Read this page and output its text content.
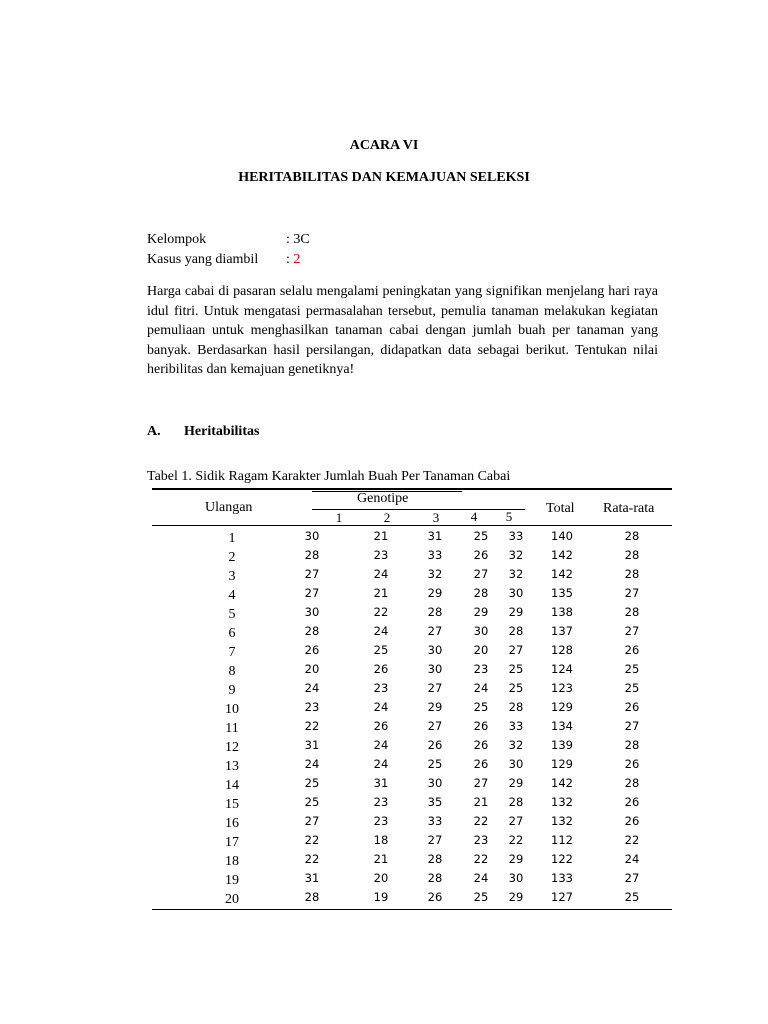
ACARA VI
HERITABILITAS DAN KEMAJUAN SELEKSI
Kelompok	: 3C
Kasus yang diambil : 2
Harga cabai di pasaran selalu mengalami peningkatan yang signifikan menjelang hari raya idul fitri. Untuk mengatasi permasalahan tersebut, pemulia tanaman melakukan kegiatan pemuliaan untuk menghasilkan tanaman cabai dengan jumlah buah per tanaman yang banyak. Berdasarkan hasil persilangan, didapatkan data sebagai berikut. Tentukan nilai heribilitas dan kemajuan genetiknya!
A. Heritabilitas
Tabel 1. Sidik Ragam Karakter Jumlah Buah Per Tanaman Cabai
Ulangan
Genotipe
1	2	3	4	5
Total Rata-rata
1	30	21	31	25	33	140	28
2	28	23	33	26	32	142	28
3	27	24	32	27	32	142	28
4	27	21	29	28	30	135	27
5	30	22	28	29	29	138	28
6	28	24	27	30	28	137	27
7	26	25	30	20	27	128	26
8	20	26	30	23	25	124	25
9	24	23	27	24	25	123	25
10	23	24	29	25	28	129	26
11	22	26	27	26	33	134	27
12	31	24	26	26	32	139	28
13	24	24	25	26	30	129	26
14	25	31	30	27	29	142	28
15	25	23	35	21	28	132	26
16	27	23	33	22	27	132	26
17	22	18	27	23	22	112	22
18	22	21	28	22	29	122	24
19	31	20	28	24	30	133	27
20	28	19	26	25	29	127	25
